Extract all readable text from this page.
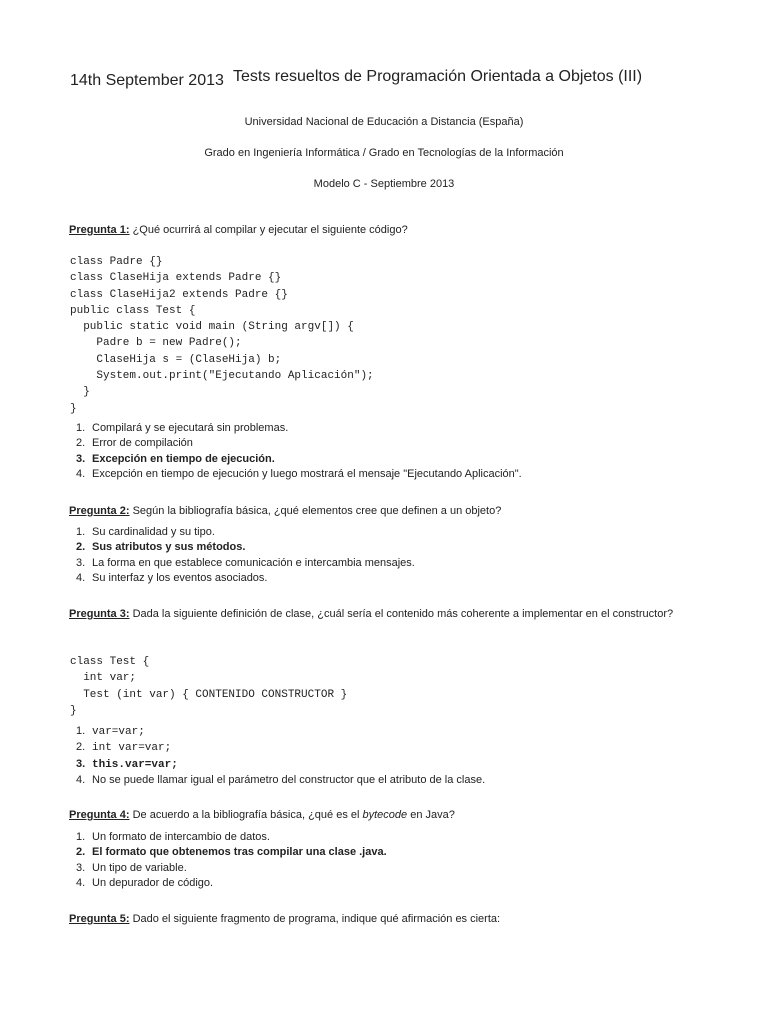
14th September 2013 Tests resueltos de Programación Orientada a Objetos (III)
Universidad Nacional de Educación a Distancia (España)
Grado en Ingeniería Informática / Grado en Tecnologías de la Información
Modelo C - Septiembre 2013
Pregunta 1: ¿Qué ocurrirá al compilar y ejecutar el siguiente código?
class Padre {}
class ClaseHija extends Padre {}
class ClaseHija2 extends Padre {}
public class Test {
public static void main (String argv[]) {
Padre b = new Padre();
ClaseHija s = (ClaseHija) b;
System.out.print("Ejecutando Aplicación");
}
}
1. Compilará y se ejecutará sin problemas.
2. Error de compilación
3. Excepción en tiempo de ejecución.
4. Excepción en tiempo de ejecución y luego mostrará el mensaje "Ejecutando Aplicación".
Pregunta 2: Según la bibliografía básica, ¿qué elementos cree que definen a un objeto?
1. Su cardinalidad y su tipo.
2. Sus atributos y sus métodos.
3. La forma en que establece comunicación e intercambia mensajes.
4. Su interfaz y los eventos asociados.
Pregunta 3: Dada la siguiente definición de clase, ¿cuál sería el contenido más coherente a implementar en el constructor?
class Test {
int var;
Test (int var) { CONTENIDO CONSTRUCTOR }
}
1. var=var;
2. int var=var;
3. this.var=var;
4. No se puede llamar igual el parámetro del constructor que el atributo de la clase.
Pregunta 4: De acuerdo a la bibliografía básica, ¿qué es el bytecode en Java?
1. Un formato de intercambio de datos.
2. El formato que obtenemos tras compilar una clase .java.
3. Un tipo de variable.
4. Un depurador de código.
Pregunta 5: Dado el siguiente fragmento de programa, indique qué afirmación es cierta:
